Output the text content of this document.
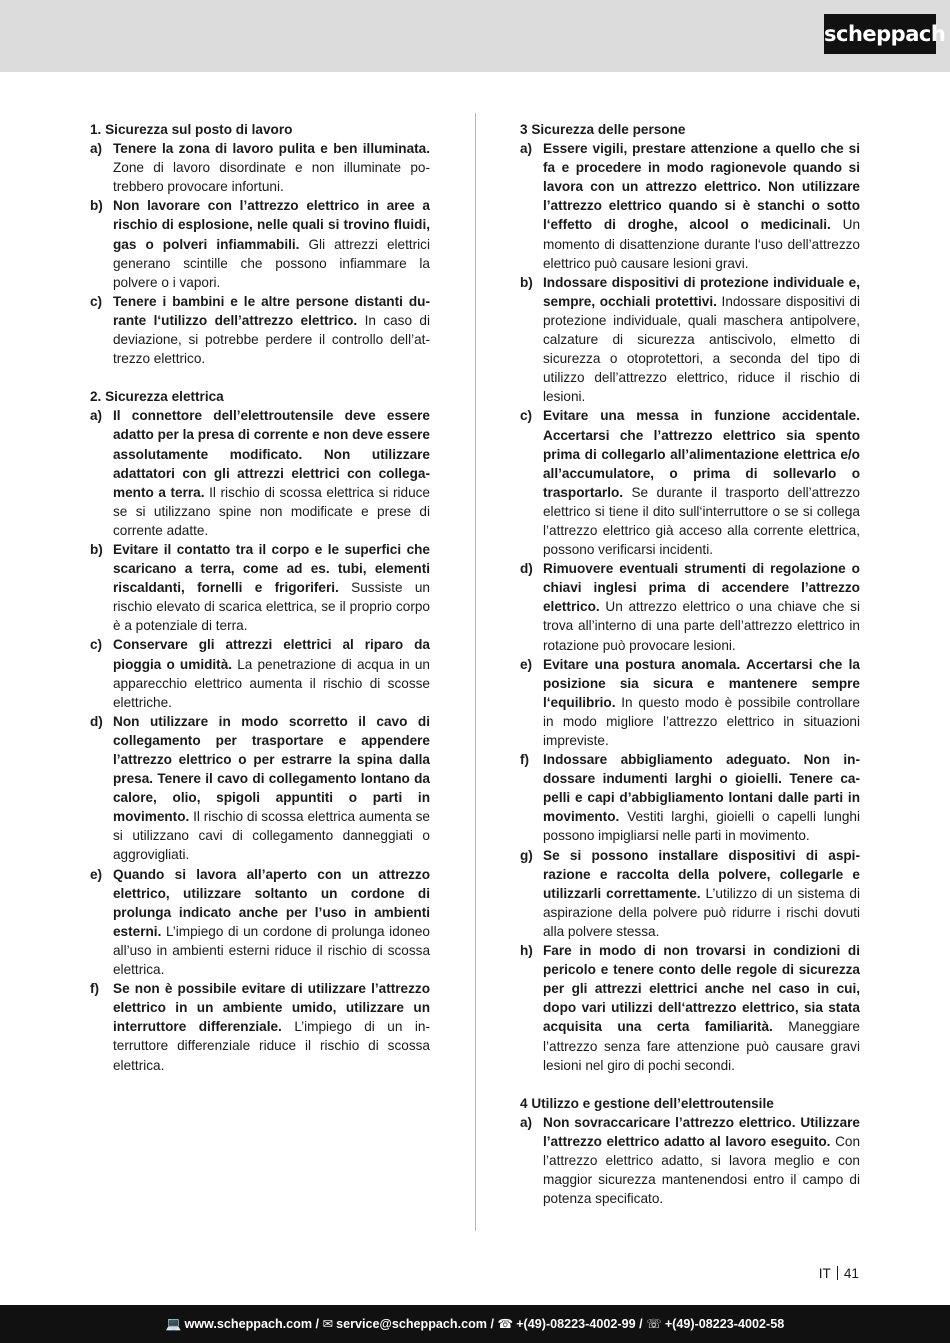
scheppach
1. Sicurezza sul posto di lavoro
a) Tenere la zona di lavoro pulita e ben illuminata. Zone di lavoro disordinate e non illuminate potrebbero provocare infortuni.
b) Non lavorare con l’attrezzo elettrico in aree a rischio di esplosione, nelle quali si trovino fluidi, gas o polveri infiammabili. Gli attrezzi elettrici generano scintille che possono infiammare la polvere o i vapori.
c) Tenere i bambini e le altre persone distanti durante l‘utilizzo dell’attrezzo elettrico. In caso di deviazione, si potrebbe perdere il controllo dell’attrezzo elettrico.
2. Sicurezza elettrica
a) Il connettore dell’elettroutensile deve essere adatto per la presa di corrente e non deve essere assolutamente modificato. Non utilizzare adattatori con gli attrezzi elettrici con collegamento a terra. Il rischio di scossa elettrica si riduce se si utilizzano spine non modificate e prese di corrente adatte.
b) Evitare il contatto tra il corpo e le superfici che scaricano a terra, come ad es. tubi, elementi riscaldanti, fornelli e frigoriferi. Sussiste un rischio elevato di scarica elettrica, se il proprio corpo è a potenziale di terra.
c) Conservare gli attrezzi elettrici al riparo da pioggia o umidità. La penetrazione di acqua in un apparecchio elettrico aumenta il rischio di scosse elettriche.
d) Non utilizzare in modo scorretto il cavo di collegamento per trasportare e appendere l’attrezzo elettrico o per estrarre la spina dalla presa. Tenere il cavo di collegamento lontano da calore, olio, spigoli appuntiti o parti in movimento. Il rischio di scossa elettrica aumenta se si utilizzano cavi di collegamento danneggiati o aggrovigliati.
e) Quando si lavora all’aperto con un attrezzo elettrico, utilizzare soltanto un cordone di prolunga indicato anche per l’uso in ambienti esterni. L’impiego di un cordone di prolunga idoneo all’uso in ambienti esterni riduce il rischio di scossa elettrica.
f)	Se non è possibile evitare di utilizzare l’attrezzo elettrico in un ambiente umido, utilizzare un interruttore differenziale. L’impiego di un interruttore differenziale riduce il rischio di scossa elettrica.
3 Sicurezza delle persone
a) Essere vigili, prestare attenzione a quello che si fa e procedere in modo ragionevole quando si lavora con un attrezzo elettrico. Non utilizzare l’attrezzo elettrico quando si è stanchi o sotto l‘effetto di droghe, alcool o medicinali. Un momento di disattenzione durante l‘uso dell’attrezzo elettrico può causare lesioni gravi.
b) Indossare dispositivi di protezione individuale e, sempre, occhiali protettivi. Indossare dispositivi di protezione individuale, quali maschera antipolvere, calzature di sicurezza antiscivolo, elmetto di sicurezza o otoprotettori, a seconda del tipo di utilizzo dell’attrezzo elettrico, riduce il rischio di lesioni.
c) Evitare una messa in funzione accidentale. Accertarsi che l’attrezzo elettrico sia spento prima di collegarlo all’alimentazione elettrica e/o all’accumulatore, o prima di sollevarlo o trasportarlo. Se durante il trasporto dell’attrezzo elettrico si tiene il dito sull‘interruttore o se si collega l’attrezzo elettrico già acceso alla corrente elettrica, possono verificarsi incidenti.
d) Rimuovere eventuali strumenti di regolazione o chiavi inglesi prima di accendere l’attrezzo elettrico. Un attrezzo elettrico o una chiave che si trova all’interno di una parte dell’attrezzo elettrico in rotazione può provocare lesioni.
e) Evitare una postura anomala. Accertarsi che la posizione sia sicura e mantenere sempre l‘equilibrio. In questo modo è possibile controllare in modo migliore l’attrezzo elettrico in situazioni impreviste.
f)	Indossare abbigliamento adeguato. Non indossare indumenti larghi o gioielli. Tenere capelli e capi d’abbigliamento lontani dalle parti in movimento. Vestiti larghi, gioielli o capelli lunghi possono impigliarsi nelle parti in movimento.
g) Se si possono installare dispositivi di aspirazione e raccolta della polvere, collegarle e utilizzarli correttamente. L’utilizzo di un sistema di aspirazione della polvere può ridurre i rischi dovuti alla polvere stessa.
h) Fare in modo di non trovarsi in condizioni di pericolo e tenere conto delle regole di sicurezza per gli attrezzi elettrici anche nel caso in cui, dopo vari utilizzi dell‘attrezzo elettrico, sia stata acquisita una certa familiarità. Maneggiare l’attrezzo senza fare attenzione può causare gravi lesioni nel giro di pochi secondi.
4 Utilizzo e gestione dell’elettroutensile
a) Non sovraccaricare l’attrezzo elettrico. Utilizzare l’attrezzo elettrico adatto al lavoro eseguito. Con l’attrezzo elettrico adatto, si lavora meglio e con maggior sicurezza mantenendosi entro il campo di potenza specificato.
IT 41
💻 www.scheppach.com / ✉ service@scheppach.com / ☎ +(49)-08223-4002-99 / ☏ +(49)-08223-4002-58
